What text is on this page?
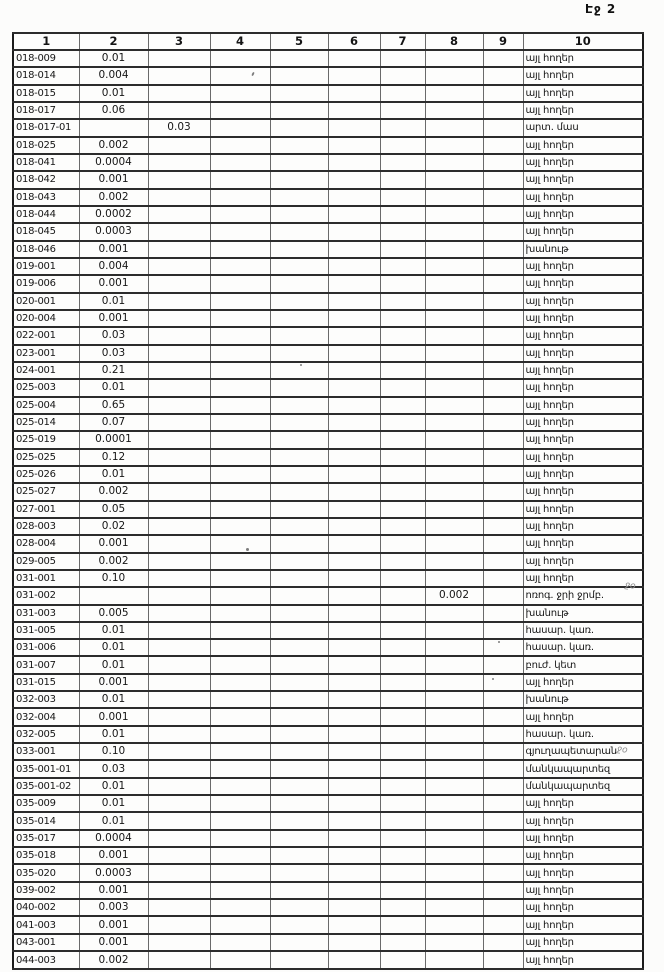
Էջ 2
1	2	3	4	5	6	7	8	9	10
018-009	0.01								այլ հողեր
018-014	0.004								այլ հողեր
018-015	0.01								այլ հողեր
018-017	0.06								այլ հողեր
018-017-01		0.03							արտ. մաս
018-025	0.002								այլ հողեր
018-041	0.0004								այլ հողեր
018-042	0.001								այլ հողեր
018-043	0.002								այլ հողեր
018-044	0.0002								այլ հողեր
018-045	0.0003								այլ հողեր
018-046	0.001								խանութ
019-001	0.004								այլ հողեր
019-006	0.001								այլ հողեր
020-001	0.01								այլ հողեր
020-004	0.001								այլ հողեր
022-001	0.03								այլ հողեր
023-001	0.03								այլ հողեր
024-001	0.21								այլ հողեր
025-003	0.01								այլ հողեր
025-004	0.65								այլ հողեր
025-014	0.07								այլ հողեր
025-019	0.0001								այլ հողեր
025-025	0.12								այլ հողեր
025-026	0.01								այլ հողեր
025-027	0.002								այլ հողեր
027-001	0.05								այլ հողեր
028-003	0.02								այլ հողեր
028-004	0.001								այլ հողեր
029-005	0.002								այլ հողեր
031-001	0.10								այլ հողեր
031-002							0.002		ոռոգ. ջրի ջրմբ.
031-003	0.005								խանութ
031-005	0.01								հասար. կառ.
031-006	0.01								հասար. կառ.
031-007	0.01								բուժ. կետ
031-015	0.001								այլ հողեր
032-003	0.01								խանութ
032-004	0.001								այլ հողեր
032-005	0.01								հասար. կառ.
033-001	0.10								գյուղապետարան
035-001-01	0.03								մանկապարտեզ
035-001-02	0.01								մանկապարտեզ
035-009	0.01								այլ հողեր
035-014	0.01								այլ հողեր
035-017	0.0004								այլ հողեր
035-018	0.001								այլ հողեր
035-020	0.0003								այլ հողեր
039-002	0.001								այլ հողեր
040-002	0.003								այլ հողեր
041-003	0.001								այլ հողեր
043-001	0.001								այլ հողեր
044-003	0.002								այլ հողեր
ջօ
ջօ
